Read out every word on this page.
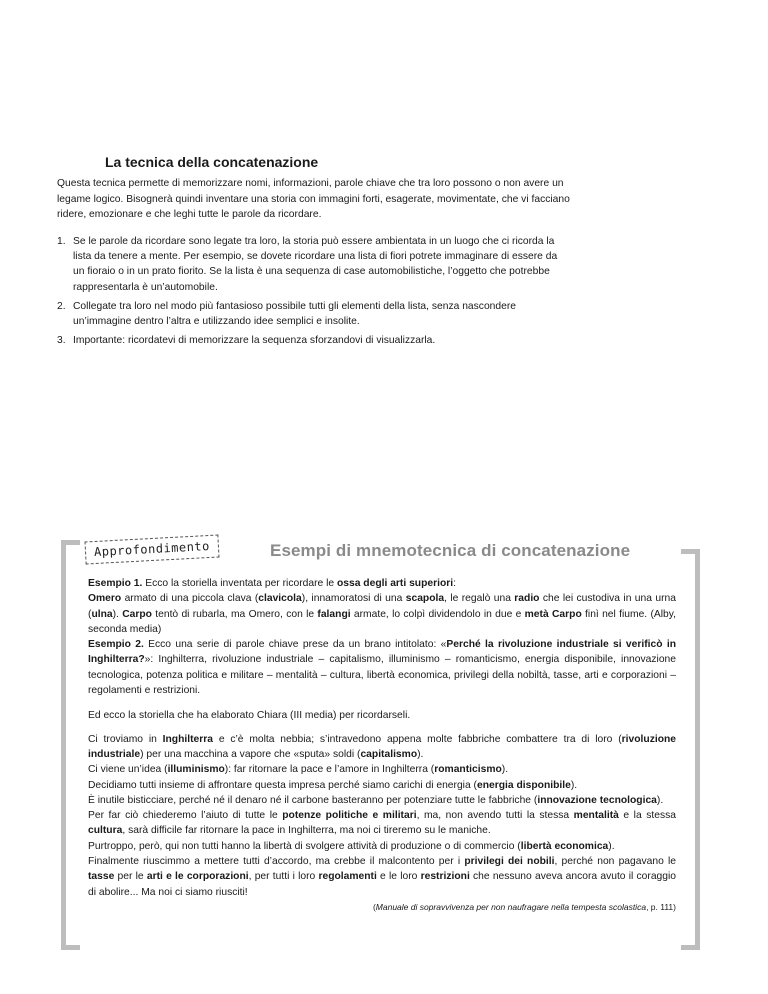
La tecnica della concatenazione

Questa tecnica permette di memorizzare nomi, informazioni, parole chiave che tra loro possono o non avere un legame logico. Bisognerà quindi inventare una storia con immagini forti, esagerate, movimentate, che vi facciano ridere, emozionare e che leghi tutte le parole da ricordare.

1. Se le parole da ricordare sono legate tra loro, la storia può essere ambientata in un luogo che ci ricorda la lista da tenere a mente. Per esempio, se dovete ricordare una lista di fiori potrete immaginare di essere da un fioraio o in un prato fiorito. Se la lista è una sequenza di case automobilistiche, l’oggetto che potrebbe rappresentarla è un’automobile.
2. Collegate tra loro nel modo più fantasioso possibile tutti gli elementi della lista, senza nascondere un’immagine dentro l’altra e utilizzando idee semplici e insolite.
3. Importante: ricordatevi di memorizzare la sequenza sforzandovi di visualizzarla.
Approfondimento	Esempi di mnemotecnica di concatenazione

Esempio 1. Ecco la storiella inventata per ricordare le ossa degli arti superiori:
Omero armato di una piccola clava (clavicola), innamoratosi di una scapola, le regalò una radio che lei custodiva in una urna (ulna). Carpo tentò di rubarla, ma Omero, con le falangi armate, lo colpì dividendolo in due e metà Carpo finì nel fiume. (Alby, seconda media)

Esempio 2. Ecco una serie di parole chiave prese da un brano intitolato: «Perché la rivoluzione industriale si verificò in Inghilterra?»: Inghilterra, rivoluzione industriale – capitalismo, illuminismo – romanticismo, energia disponibile, innovazione tecnologica, potenza politica e militare – mentalità – cultura, libertà economica, privilegi della nobiltà, tasse, arti e corporazioni – regolamenti e restrizioni.

Ed ecco la storiella che ha elaborato Chiara (III media) per ricordarseli.

Ci troviamo in Inghilterra e c’è molta nebbia; s’intravedono appena molte fabbriche combattere tra di loro (rivoluzione industriale) per una macchina a vapore che «sputa» soldi (capitalismo).

Ci viene un’idea (illuminismo): far ritornare la pace e l’amore in Inghilterra (romanticismo).

Decidiamo tutti insieme di affrontare questa impresa perché siamo carichi di energia (energia disponibile).

È inutile bisticciare, perché né il denaro né il carbone basteranno per potenziare tutte le fabbriche (innovazione tecnologica).

Per far ciò chiederemo l’aiuto di tutte le potenze politiche e militari, ma, non avendo tutti la stessa mentalità e la stessa cultura, sarà difficile far ritornare la pace in Inghilterra, ma noi ci tireremo su le maniche.

Purtroppo, però, qui non tutti hanno la libertà di svolgere attività di produzione o di commercio (libertà economica).

Finalmente riuscimmo a mettere tutti d’accordo, ma crebbe il malcontento per i privilegi dei nobili, perché non pagavano le tasse per le arti e le corporazioni, per tutti i loro regolamenti e le loro restrizioni che nessuno aveva ancora avuto il coraggio di abolire... Ma noi ci siamo riusciti!

(Manuale di sopravvivenza per non naufragare nella tempesta scolastica, p. 111)
